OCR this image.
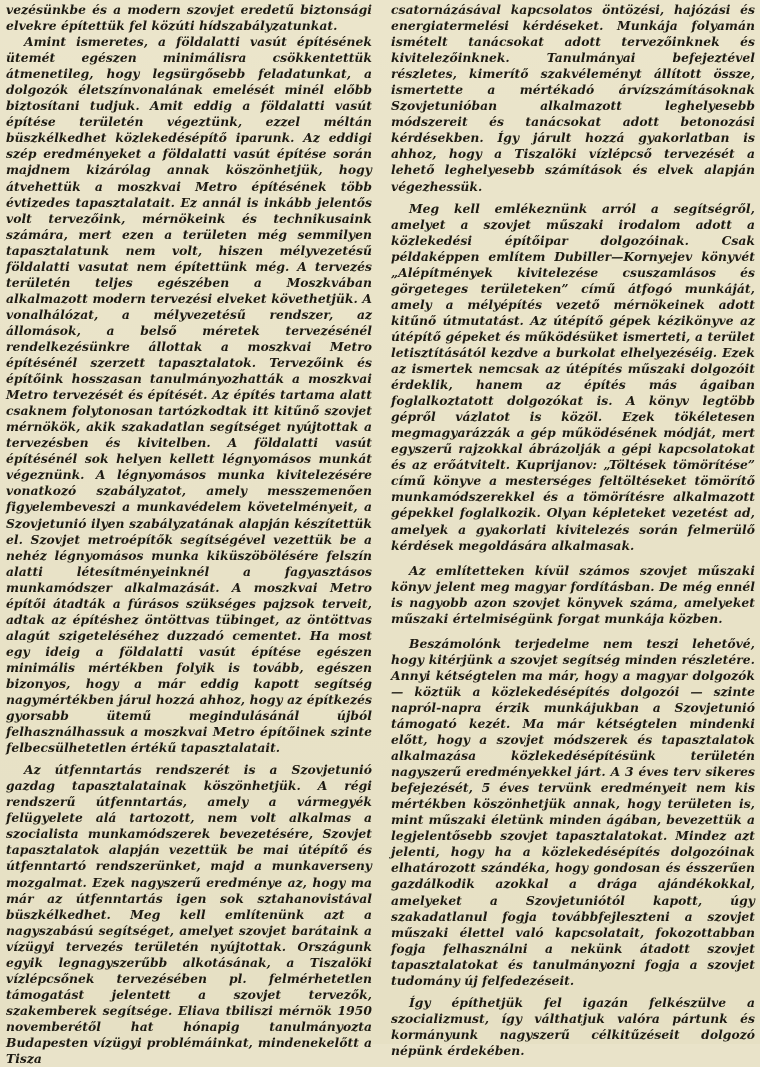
vezésünkbe és a modern szovjet eredetű biztonsági elvekre építettük fel közúti hídszabályzatunkat.

Amint ismeretes, a földalatti vasút építésének ütemét egészen minimálisra csökkentettük átmenetileg, hogy legsürgősebb feladatunkat, a dolgozók életszínvonalának emelését minél előbb biztosítani tudjuk. Amit eddig a földalatti vasút építése területén végeztünk, ezzel méltán büszkélkedhet közlekedésépítő iparunk. Az eddigi szép eredményeket a földalatti vasút építése során majdnem kizárólag annak köszönhetjük, hogy átvehettük a moszkvai Metro építésének több évtizedes tapasztalatait. Ez annál is inkább jelentős volt tervezőink, mérnökeink és technikusaink számára, mert ezen a területen még semmilyen tapasztalatunk nem volt, hiszen mélyvezetésű földalatti vasutat nem építettünk még. A tervezés területén teljes egészében a Moszkvában alkalmazott modern tervezési elveket követhetjük. A vonalhálózat, a mélyvezetésű rendszer, az állomások, a belső méretek tervezésénél rendelkezésünkre állottak a moszkvai Metro építésénél szerzett tapasztalatok. Tervezőink és építőink hosszasan tanulmányozhatták a moszkvai Metro tervezését és építését. Az építés tartama alatt csaknem folytonosan tartózkodtak itt kitűnő szovjet mérnökök, akik szakadatlan segítséget nyújtottak a tervezésben és kivitelben. A földalatti vasút építésénél sok helyen kellett légnyomásos munkát végeznünk. A légnyomásos munka kivitelezésére vonatkozó szabályzatot, amely messzemenően figyelembeveszi a munkavédelem követelményeit, a Szovjetunió ilyen szabályzatának alapján készítettük el. Szovjet metroépítők segítségével vezettük be a nehéz légnyomásos munka kiküszöbölésére felszín alatti létesítményeinknél a fagyasztásos munkamódszer alkalmazását. A moszkvai Metro építői átadták a fúrásos szükséges pajzsok terveit, adtak az építéshez öntöttvas tübinget, az öntöttvas alagút szigeteléséhez duzzadó cementet. Ha most egy ideig a földalatti vasút építése egészen minimális mértékben folyik is tovább, egészen bizonyos, hogy a már eddig kapott segítség nagymértékben járul hozzá ahhoz, hogy az építkezés gyorsabb ütemű megindulásánál újból felhasználhassuk a moszkvai Metro építőinek szinte felbecsülhetetlen értékű tapasztalatait.

Az útfenntartás rendszerét is a Szovjetunió gazdag tapasztalatainak köszönhetjük. A régi rendszerű útfenntartás, amely a vármegyék felügyelete alá tartozott, nem volt alkalmas a szocialista munkamódszerek bevezetésére, Szovjet tapasztalatok alapján vezettük be mai útépítő és útfenntartó rendszerünket, majd a munkaverseny mozgalmat. Ezek nagyszerű eredménye az, hogy ma már az útfenntartás igen sok sztahanovistával büszkélkedhet. Meg kell említenünk azt a nagyszabású segítséget, amelyet szovjet barátaink a vízügyi tervezés területén nyújtottak. Országunk egyik legnagyszerűbb alkotásának, a Tiszalöki vízlépcsőnek tervezésében pl. felmérhetetlen támogatást jelentett a szovjet tervezők, szakemberek segítsége. Eliava tbiliszi mérnök 1950 novemberétől hat hónapig tanulmányozta Budapesten vízügyi problémáinkat, mindenekelőtt a Tisza

csatornázásával kapcsolatos öntözési, hajózási és energiatermelési kérdéseket. Munkája folyamán ismételt tanácsokat adott tervezőinknek és kivitelezőinknek. Tanulmányai befejeztével részletes, kimerítő szakvéleményt állított össze, ismertette a mértékadó árvízszámításoknak Szovjetunióban alkalmazott leghelyesebb módszereit és tanácsokat adott betonozási kérdésekben. Így járult hozzá gyakorlatban is ahhoz, hogy a Tiszalöki vízlépcső tervezését a lehető leghelyesebb számítások és elvek alapján végezhessük.

Meg kell emlékeznünk arról a segítségről, amelyet a szovjet műszaki irodalom adott a közlekedési építőipar dolgozóinak. Csak példaképpen említem Dubiller—Kornyejev könyvét „Alépítmények kivitelezése csuszamlásos és görgeteges területeken” című átfogó munkáját, amely a mélyépítés vezető mérnökeinek adott kitűnő útmutatást. Az útépítő gépek kézikönyve az útépítő gépeket és működésüket ismerteti, a terület letisztításától kezdve a burkolat elhelyezéséig. Ezek az ismertek nemcsak az útépítés műszaki dolgozóit érdeklik, hanem az építés más ágaiban foglalkoztatott dolgozókat is. A könyv legtöbb gépről vázlatot is közöl. Ezek tökéletesen megmagyarázzák a gép működésének módját, mert egyszerű rajzokkal ábrázolják a gépi kapcsolatokat és az erőátvitelt. Kuprijanov: „Töltések tömörítése” című könyve a mesterséges feltöltéseket tömörítő munkamódszerekkel és a tömörítésre alkalmazott gépekkel foglalkozik. Olyan képleteket vezetést ad, amelyek a gyakorlati kivitelezés során felmerülő kérdések megoldására alkalmasak.

Az említetteken kívül számos szovjet műszaki könyv jelent meg magyar fordításban. De még ennél is nagyobb azon szovjet könyvek száma, amelyeket műszaki értelmiségünk forgat munkája közben.

Beszámolónk terjedelme nem teszi lehetővé, hogy kitérjünk a szovjet segítség minden részletére. Annyi kétségtelen ma már, hogy a magyar dolgozók — köztük a közlekedésépítés dolgozói — szinte napról-napra érzik munkájukban a Szovjetunió támogató kezét. Ma már kétségtelen mindenki előtt, hogy a szovjet módszerek és tapasztalatok alkalmazása közlekedésépítésünk területén nagyszerű eredményekkel járt. A 3 éves terv sikeres befejezését, 5 éves tervünk eredményeit nem kis mértékben köszönhetjük annak, hogy területen is, mint műszaki életünk minden ágában, bevezettük a legjelentősebb szovjet tapasztalatokat. Mindez azt jelenti, hogy ha a közlekedésépítés dolgozóinak elhatározott szándéka, hogy gondosan és ésszerűen gazdálkodik azokkal a drága ajándékokkal, amelyeket a Szovjetuniótól kapott, úgy szakadatlanul fogja továbbfejleszteni a szovjet műszaki élettel való kapcsolatait, fokozottabban fogja felhasználni a nekünk átadott szovjet tapasztalatokat és tanulmányozni fogja a szovjet tudomány új felfedezéseit.

Így építhetjük fel igazán felkészülve a szocializmust, így válthatjuk valóra pártunk és kormányunk nagyszerű célkitűzéseit dolgozó népünk érdekében.
